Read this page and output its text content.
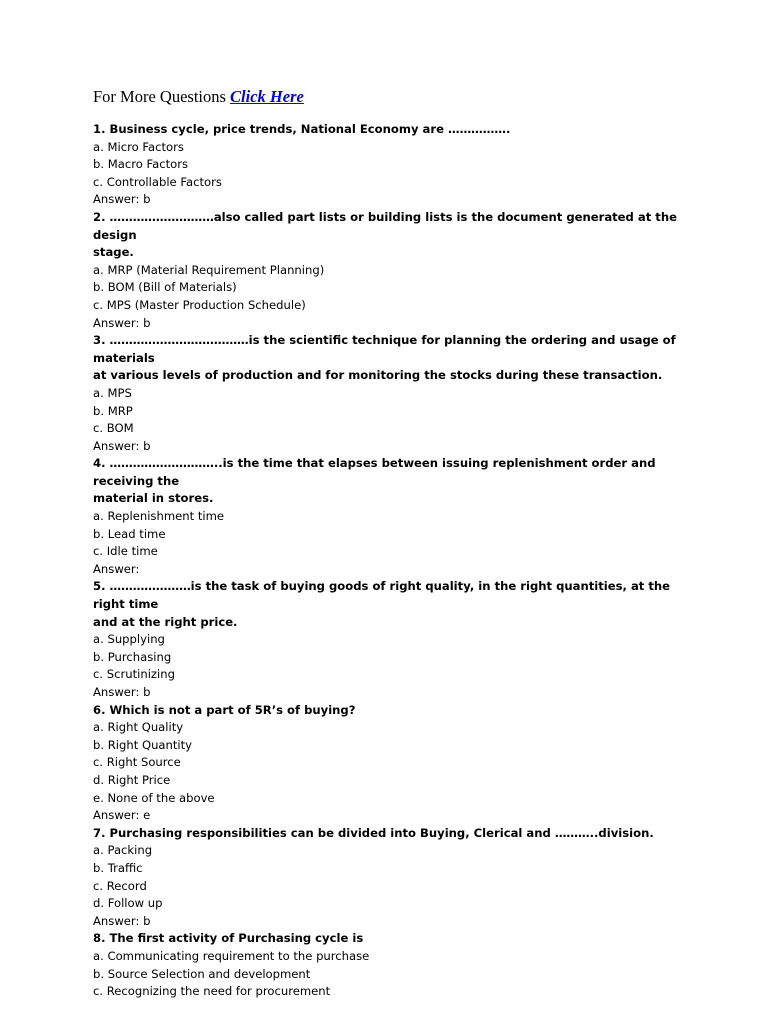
For More Questions Click Here
1. Business cycle, price trends, National Economy are …………….
a. Micro Factors
b. Macro Factors
c. Controllable Factors
Answer: b
2. ………………………also called part lists or building lists is the document generated at the design
stage.
a. MRP (Material Requirement Planning)
b. BOM (Bill of Materials)
c. MPS (Master Production Schedule)
Answer: b
3. ………………………………is the scientific technique for planning the ordering and usage of materials
at various levels of production and for monitoring the stocks during these transaction.
a. MPS
b. MRP
c. BOM
Answer: b
4. ………………………..is the time that elapses between issuing replenishment order and receiving the
material in stores.
a. Replenishment time
b. Lead time
c. Idle time
Answer:
5. …………………is the task of buying goods of right quality, in the right quantities, at the right time
and at the right price.
a. Supplying
b. Purchasing
c. Scrutinizing
Answer: b
6. Which is not a part of 5R’s of buying?
a. Right Quality
b. Right Quantity
c. Right Source
d. Right Price
e. None of the above
Answer: e
7. Purchasing responsibilities can be divided into Buying, Clerical and ………..division.
a. Packing
b. Traffic
c. Record
d. Follow up
Answer: b
8. The first activity of Purchasing cycle is
a. Communicating requirement to the purchase
b. Source Selection and development
c. Recognizing the need for procurement
